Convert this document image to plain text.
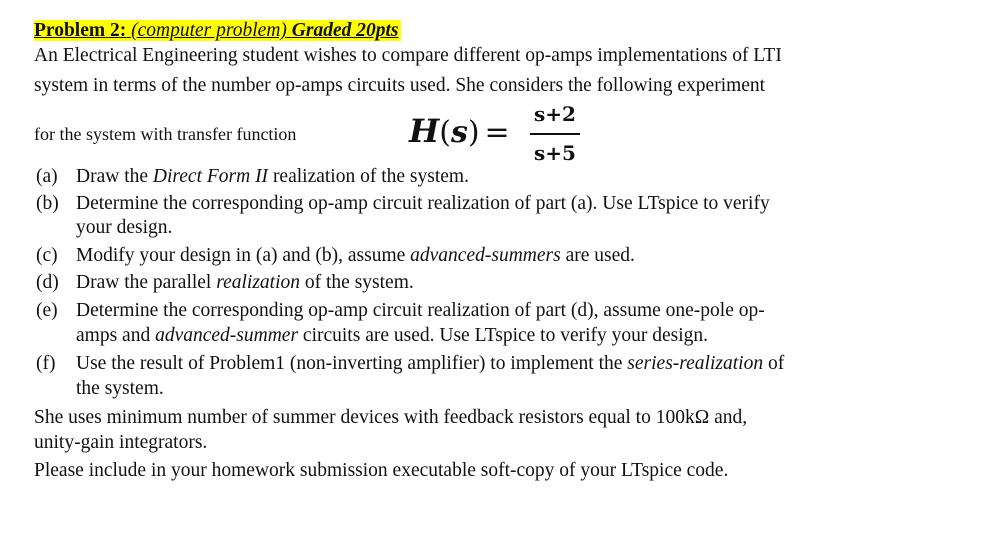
Problem 2: (computer problem) Graded 20pts
An Electrical Engineering student wishes to compare different op-amps implementations of LTI
system in terms of the number op-amps circuits used. She considers the following experiment
for the system with transfer function	H(s) =
s+2
s+5
(a) Draw the Direct Form II realization of the system.
(b) Determine the corresponding op-amp circuit realization of part (a). Use LTspice to verify
your design.
(c) Modify your design in (a) and (b), assume advanced-summers are used.
(d) Draw the parallel realization of the system.
(e) Determine the corresponding op-amp circuit realization of part (d), assume one-pole op-
amps and advanced-summer circuits are used. Use LTspice to verify your design.
(f) Use the result of Problem1 (non-inverting amplifier) to implement the series-realization of
the system.
She uses minimum number of summer devices with feedback resistors equal to 100kΩ and,
unity-gain integrators.
Please include in your homework submission executable soft-copy of your LTspice code.
